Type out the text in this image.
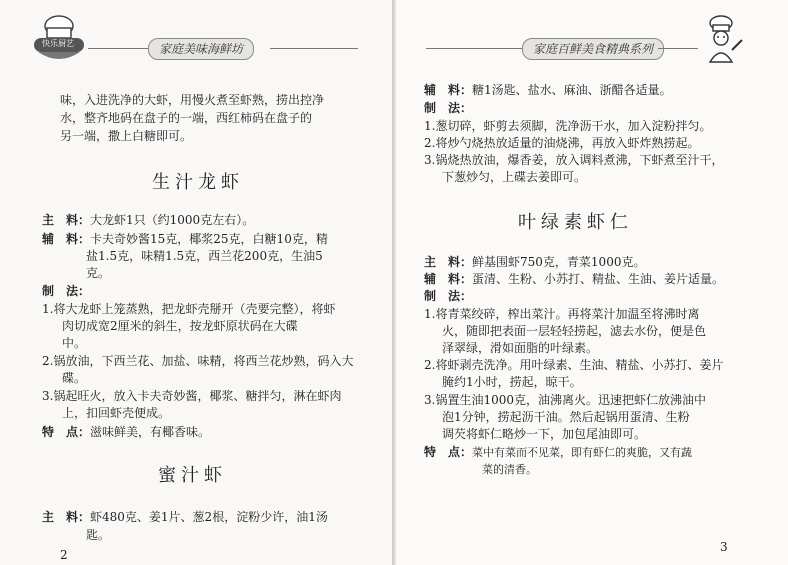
快乐厨艺	家庭美味海鲜坊
味，入进洗净的大虾，用慢火煮至虾熟，捞出控净
水，整齐地码在盘子的一端，西红柿码在盘子的
另一端，撒上白糖即可。
生汁龙虾
主　料：大龙虾1只（约1000克左右）。
辅　料：卡夫奇妙酱15克，椰浆25克，白糖10克，精
盐1.5克，味精1.5克，西兰花200克，生油5
克。
制　法：
1.将大龙虾上笼蒸熟，把龙虾壳掰开（壳要完整），将虾
肉切成宽2厘米的斜生，按龙虾原状码在大碟
中。
2.锅放油，下西兰花、加盐、味精，将西兰花炒熟，码入大
碟。
3.锅起旺火，放入卡夫奇妙酱，椰浆、糖拌匀，淋在虾肉
上，扣回虾壳便成。
特　点：滋味鲜美，有椰香味。
蜜汁虾
主　料：虾480克、姜1片、葱2根，淀粉少许，油1汤
匙。
2
家庭百鲜美食精典系列
辅　料：糖1汤匙、盐水、麻油、浙醋各适量。
制　法：
1.葱切碎，虾剪去须脚，洗净沥干水，加入淀粉拌匀。
2.将炒勺烧热放适量的油烧沸，再放入虾炸熟捞起。
3.锅烧热放油，爆香姜，放入调料煮沸，下虾煮至汁干，
下葱炒匀，上碟去姜即可。
叶绿素虾仁
主　料：鲜基围虾750克，青菜1000克。
辅　料：蛋清、生粉、小苏打、精盐、生油、姜片适量。
制　法：
1.将青菜绞碎，榨出菜汁。再将菜汁加温至将沸时离
火，随即把表面一层轻轻捞起，滤去水份，便是色
泽翠绿，滑如面脂的叶绿素。
2.将虾剥壳洗净。用叶绿素、生油、精盐、小苏打、姜片
腌约1小时，捞起，晾干。
3.锅置生油1000克，油沸离火。迅速把虾仁放沸油中
泡1分钟，捞起沥干油。然后起锅用蛋清、生粉
调芡将虾仁略炒一下，加包尾油即可。
特　点：菜中有菜而不见菜，即有虾仁的爽脆，又有蔬
菜的清香。
3
